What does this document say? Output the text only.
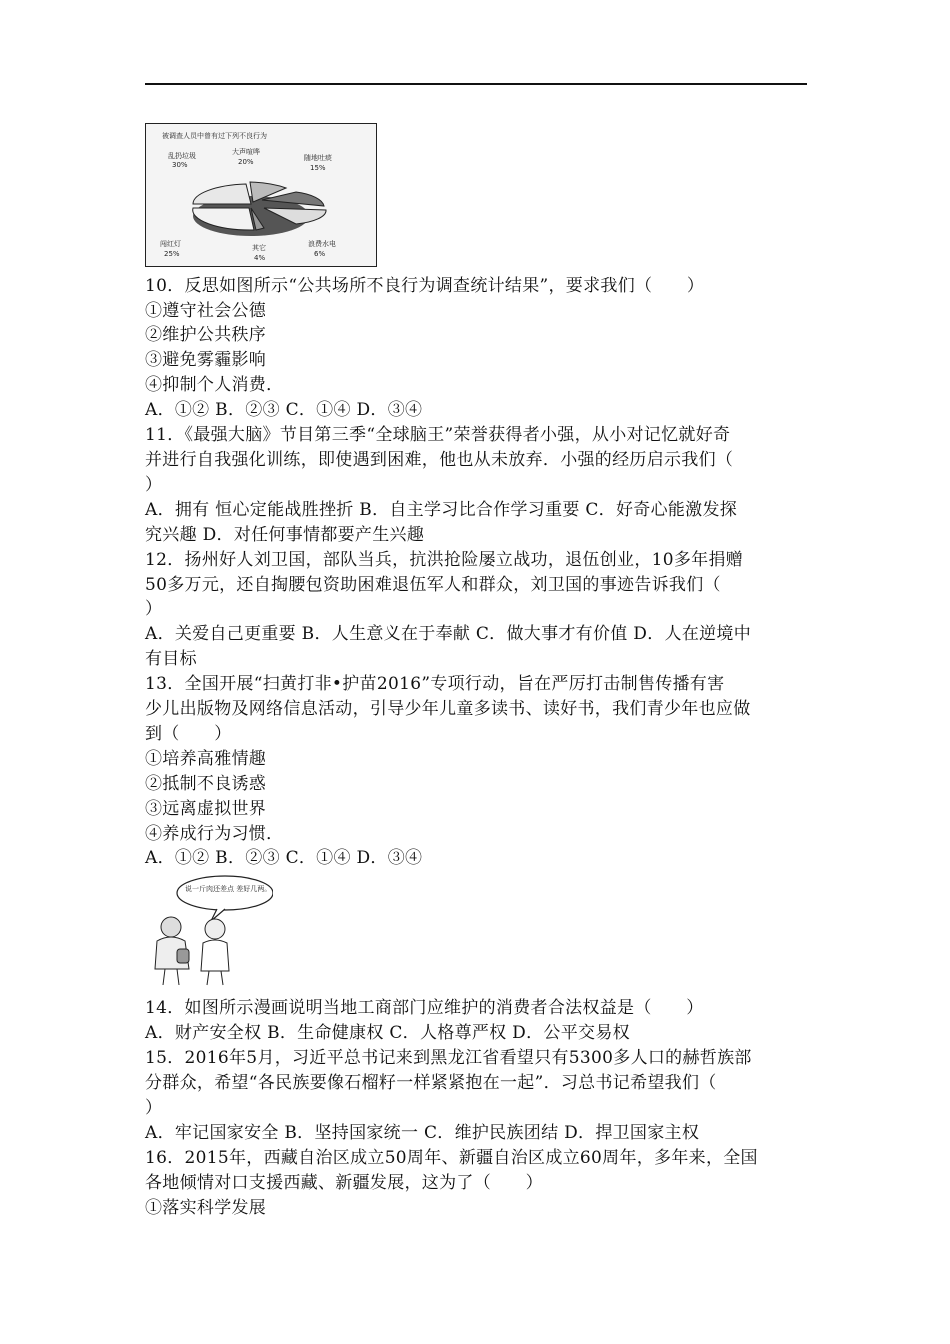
被调查人员中曾有过下列不良行为
乱扔垃圾
30%
大声喧哗
20%	随地吐痰
15%
闯红灯
25%
其它
4%
浪费水电
6%
说一斤肉还差点 差好几两。
10．反思如图所示“公共场所不良行为调查统计结果”，要求我们（　　）
①遵守社会公德
②维护公共秩序
③避免雾霾影响
④抑制个人消费．
A．①② B．②③ C．①④ D．③④
11．《最强大脑》节目第三季“全球脑王”荣誉获得者小强，从小对记忆就好奇
并进行自我强化训练，即使遇到困难，他也从未放弃．小强的经历启示我们（
）
A．拥有 恒心定能战胜挫折 B．自主学习比合作学习重要 C．好奇心能激发探
究兴趣 D．对任何事情都要产生兴趣
12．扬州好人刘卫国，部队当兵，抗洪抢险屡立战功，退伍创业，10多年捐赠
50多万元，还自掏腰包资助困难退伍军人和群众，刘卫国的事迹告诉我们（
）
A．关爱自己更重要 B．人生意义在于奉献 C．做大事才有价值 D．人在逆境中
有目标
13．全国开展“扫黄打非•护苗2016”专项行动，旨在严厉打击制售传播有害
少儿出版物及网络信息活动，引导少年儿童多读书、读好书，我们青少年也应做
到（　　）
①培养高雅情趣
②抵制不良诱惑
③远离虚拟世界
④养成行为习惯．
A．①② B．②③ C．①④ D．③④
14．如图所示漫画说明当地工商部门应维护的消费者合法权益是（　　）
A．财产安全权 B．生命健康权 C．人格尊严权 D．公平交易权
15．2016年5月，习近平总书记来到黑龙江省看望只有5300多人口的赫哲族部
分群众，希望“各民族要像石榴籽一样紧紧抱在一起”．习总书记希望我们（
）
A．牢记国家安全 B．坚持国家统一 C．维护民族团结 D．捍卫国家主权
16．2015年，西藏自治区成立50周年、新疆自治区成立60周年，多年来，全国
各地倾情对口支援西藏、新疆发展，这为了（　　）
①落实科学发展
